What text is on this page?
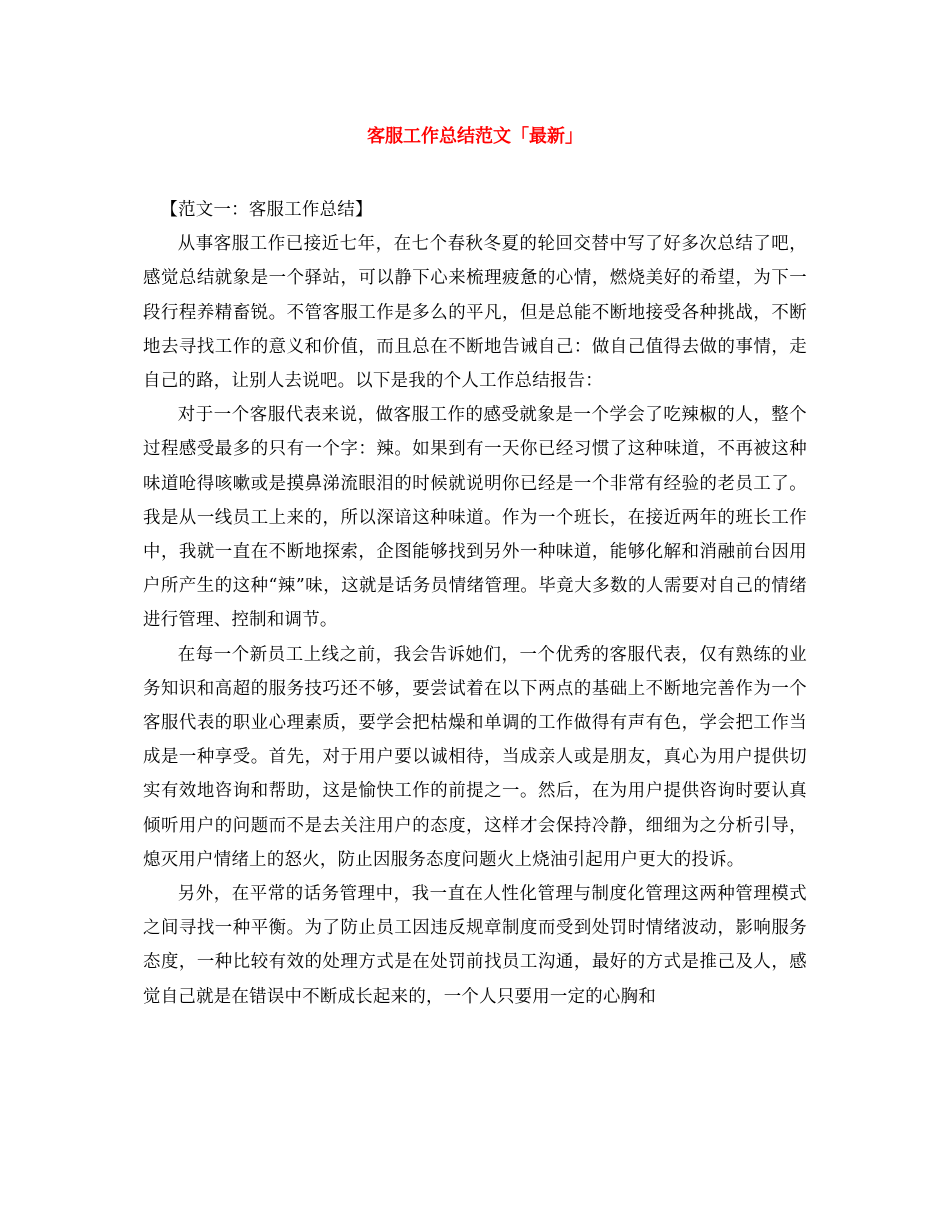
客服工作总结范文「最新」

【范文一：客服工作总结】

从事客服工作已接近七年，在七个春秋冬夏的轮回交替中写了好多次总结了吧，感觉总结就象是一个驿站，可以静下心来梳理疲惫的心情，燃烧美好的希望，为下一段行程养精畜锐。不管客服工作是多么的平凡，但是总能不断地接受各种挑战，不断地去寻找工作的意义和价值，而且总在不断地告诫自己：做自己值得去做的事情，走自己的路，让别人去说吧。以下是我的个人工作总结报告：

对于一个客服代表来说，做客服工作的感受就象是一个学会了吃辣椒的人，整个过程感受最多的只有一个字：辣。如果到有一天你已经习惯了这种味道，不再被这种味道呛得咳嗽或是摸鼻涕流眼泪的时候就说明你已经是一个非常有经验的老员工了。我是从一线员工上来的，所以深谙这种味道。作为一个班长，在接近两年的班长工作中，我就一直在不断地探索，企图能够找到另外一种味道，能够化解和消融前台因用户所产生的这种“辣”味，这就是话务员情绪管理。毕竟大多数的人需要对自己的情绪进行管理、控制和调节。

在每一个新员工上线之前，我会告诉她们，一个优秀的客服代表，仅有熟练的业务知识和高超的服务技巧还不够，要尝试着在以下两点的基础上不断地完善作为一个客服代表的职业心理素质，要学会把枯燥和单调的工作做得有声有色，学会把工作当成是一种享受。首先，对于用户要以诚相待，当成亲人或是朋友，真心为用户提供切实有效地咨询和帮助，这是愉快工作的前提之一。然后，在为用户提供咨询时要认真倾听用户的问题而不是去关注用户的态度，这样才会保持冷静，细细为之分析引导，熄灭用户情绪上的怒火，防止因服务态度问题火上烧油引起用户更大的投诉。

另外，在平常的话务管理中，我一直在人性化管理与制度化管理这两种管理模式之间寻找一种平衡。为了防止员工因违反规章制度而受到处罚时情绪波动，影响服务态度，一种比较有效的处理方式是在处罚前找员工沟通，最好的方式是推己及人，感觉自己就是在错误中不断成长起来的，一个人只要用一定的心胸和
